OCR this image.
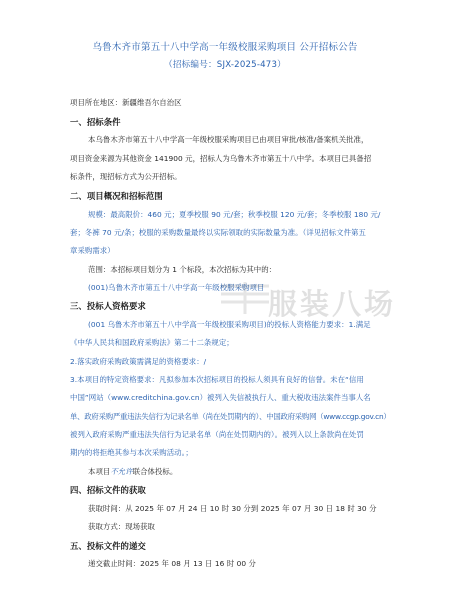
乌鲁木齐市第五十八中学高一年级校服采购项目 公开招标公告
（招标编号：SJX-2025-473）
项目所在地区：新疆维吾尔自治区
一、招标条件
本乌鲁木齐市第五十八中学高一年级校服采购项目已由项目审批/核准/备案机关批准，
项目资金来源为其他资金 141900 元，招标人为乌鲁木齐市第五十八中学。本项目已具备招
标条件，现招标方式为公开招标。
二、项目概况和招标范围
规模：最高限价：460 元；夏季校服 90 元/套；秋季校服 120 元/套；冬季校服 180 元/
套；冬裤 70 元/条；校服的采购数量最终以实际领取的实际数量为准。（详见招标文件第五
章采购需求）
范围：本招标项目划分为 1 个标段，本次招标为其中的：
(001)乌鲁木齐市第五十八中学高一年级校服采购项目
三、投标人资格要求
(001 乌鲁木齐市第五十八中学高一年级校服采购项目)的投标人资格能力要求：1.满足
《中华人民共和国政府采购法》第二十二条规定；
2.落实政府采购政策需满足的资格要求：/
3.本项目的特定资格要求：凡拟参加本次招标项目的投标人须具有良好的信誉。未在“信用
中国”网站（www.creditchina.gov.cn）被列入失信被执行人、重大税收违法案件当事人名
单、政府采购严重违法失信行为记录名单（尚在处罚期内的）、中国政府采购网（www.ccgp.gov.cn）
被列入政府采购严重违法失信行为记录名单（尚在处罚期内的）。被列入以上条款尚在处罚
期内的将拒绝其参与本次采购活动。；
本项目不允许联合体投标。
四、招标文件的获取
获取时间：从 2025 年 07 月 24 日 10 时 30 分到 2025 年 07 月 30 日 18 时 30 分
获取方式：现场获取
五、投标文件的递交
递交截止时间：2025 年 08 月 13 日 16 时 00 分
服装八场
